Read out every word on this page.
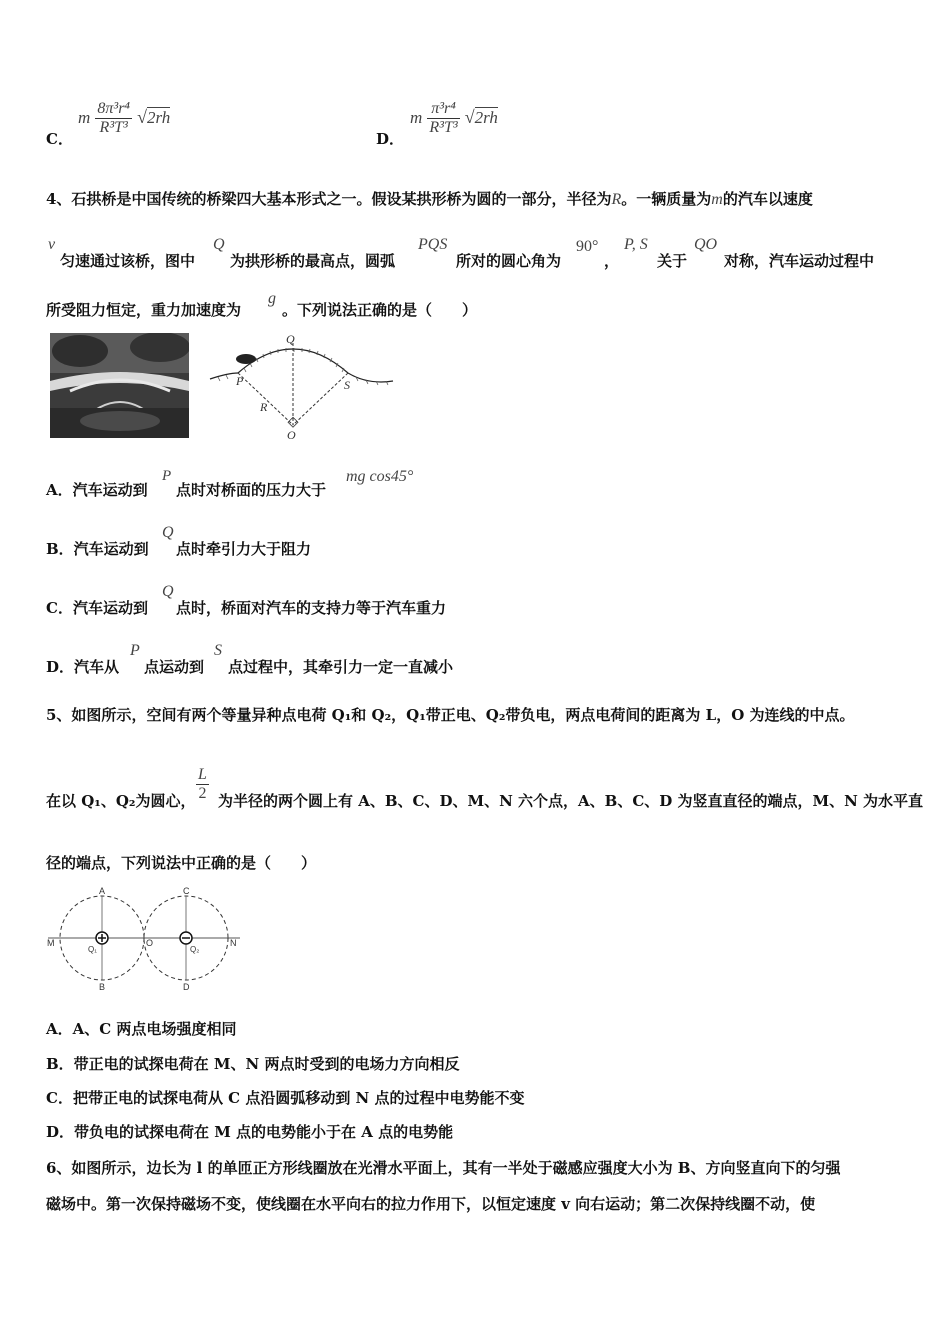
C．
m $\frac{\text{8π³r⁴}}{\text{R³T³}} √2rh$
D．
m $\frac{\text{π³r⁴}}{\text{R³T³}} √2rh$
4、石拱桥是中国传统的桥梁四大基本形式之一。假设某拱形桥为圆的一部分，半径为R。一辆质量为m的汽车以速度
v
匀速通过该桥，图中
Q
为拱形桥的最高点，圆弧
PQS
所对的圆心角为
90°
，
P, S
关于
QO
对称，汽车运动过程中
所受阻力恒定，重力加速度为
g
。下列说法正确的是（　　）
Q
P	S
R
O
A．汽车运动到
P
点时对桥面的压力大于
mg cos45°
B．汽车运动到
Q
点时牵引力大于阻力
C．汽车运动到
Q
点时，桥面对汽车的支持力等于汽车重力
D．汽车从
P
点运动到
S
点过程中，其牵引力一定一直减小
5、如图所示，空间有两个等量异种点电荷 Q₁和 Q₂，Q₁带正电、Q₂带负电，两点电荷间的距离为 L，O 为连线的中点。
在以 Q₁、Q₂为圆心， $\frac{L}{2}$ 为半径的两个圆上有 A、B、C、D、M、N 六个点，A、B、C、D 为竖直直径的端点，M、N 为水平直
径的端点，下列说法中正确的是（　　）
A
B
C
D
M	N
O
Q₁	Q₂
A．A、C 两点电场强度相同
B．带正电的试探电荷在 M、N 两点时受到的电场力方向相反
C．把带正电的试探电荷从 C 点沿圆弧移动到 N 点的过程中电势能不变
D．带负电的试探电荷在 M 点的电势能小于在 A 点的电势能
6、如图所示，边长为 l 的单匝正方形线圈放在光滑水平面上，其有一半处于磁感应强度大小为 B、方向竖直向下的匀强
磁场中。第一次保持磁场不变，使线圈在水平向右的拉力作用下，以恒定速度 v 向右运动；第二次保持线圈不动，使
